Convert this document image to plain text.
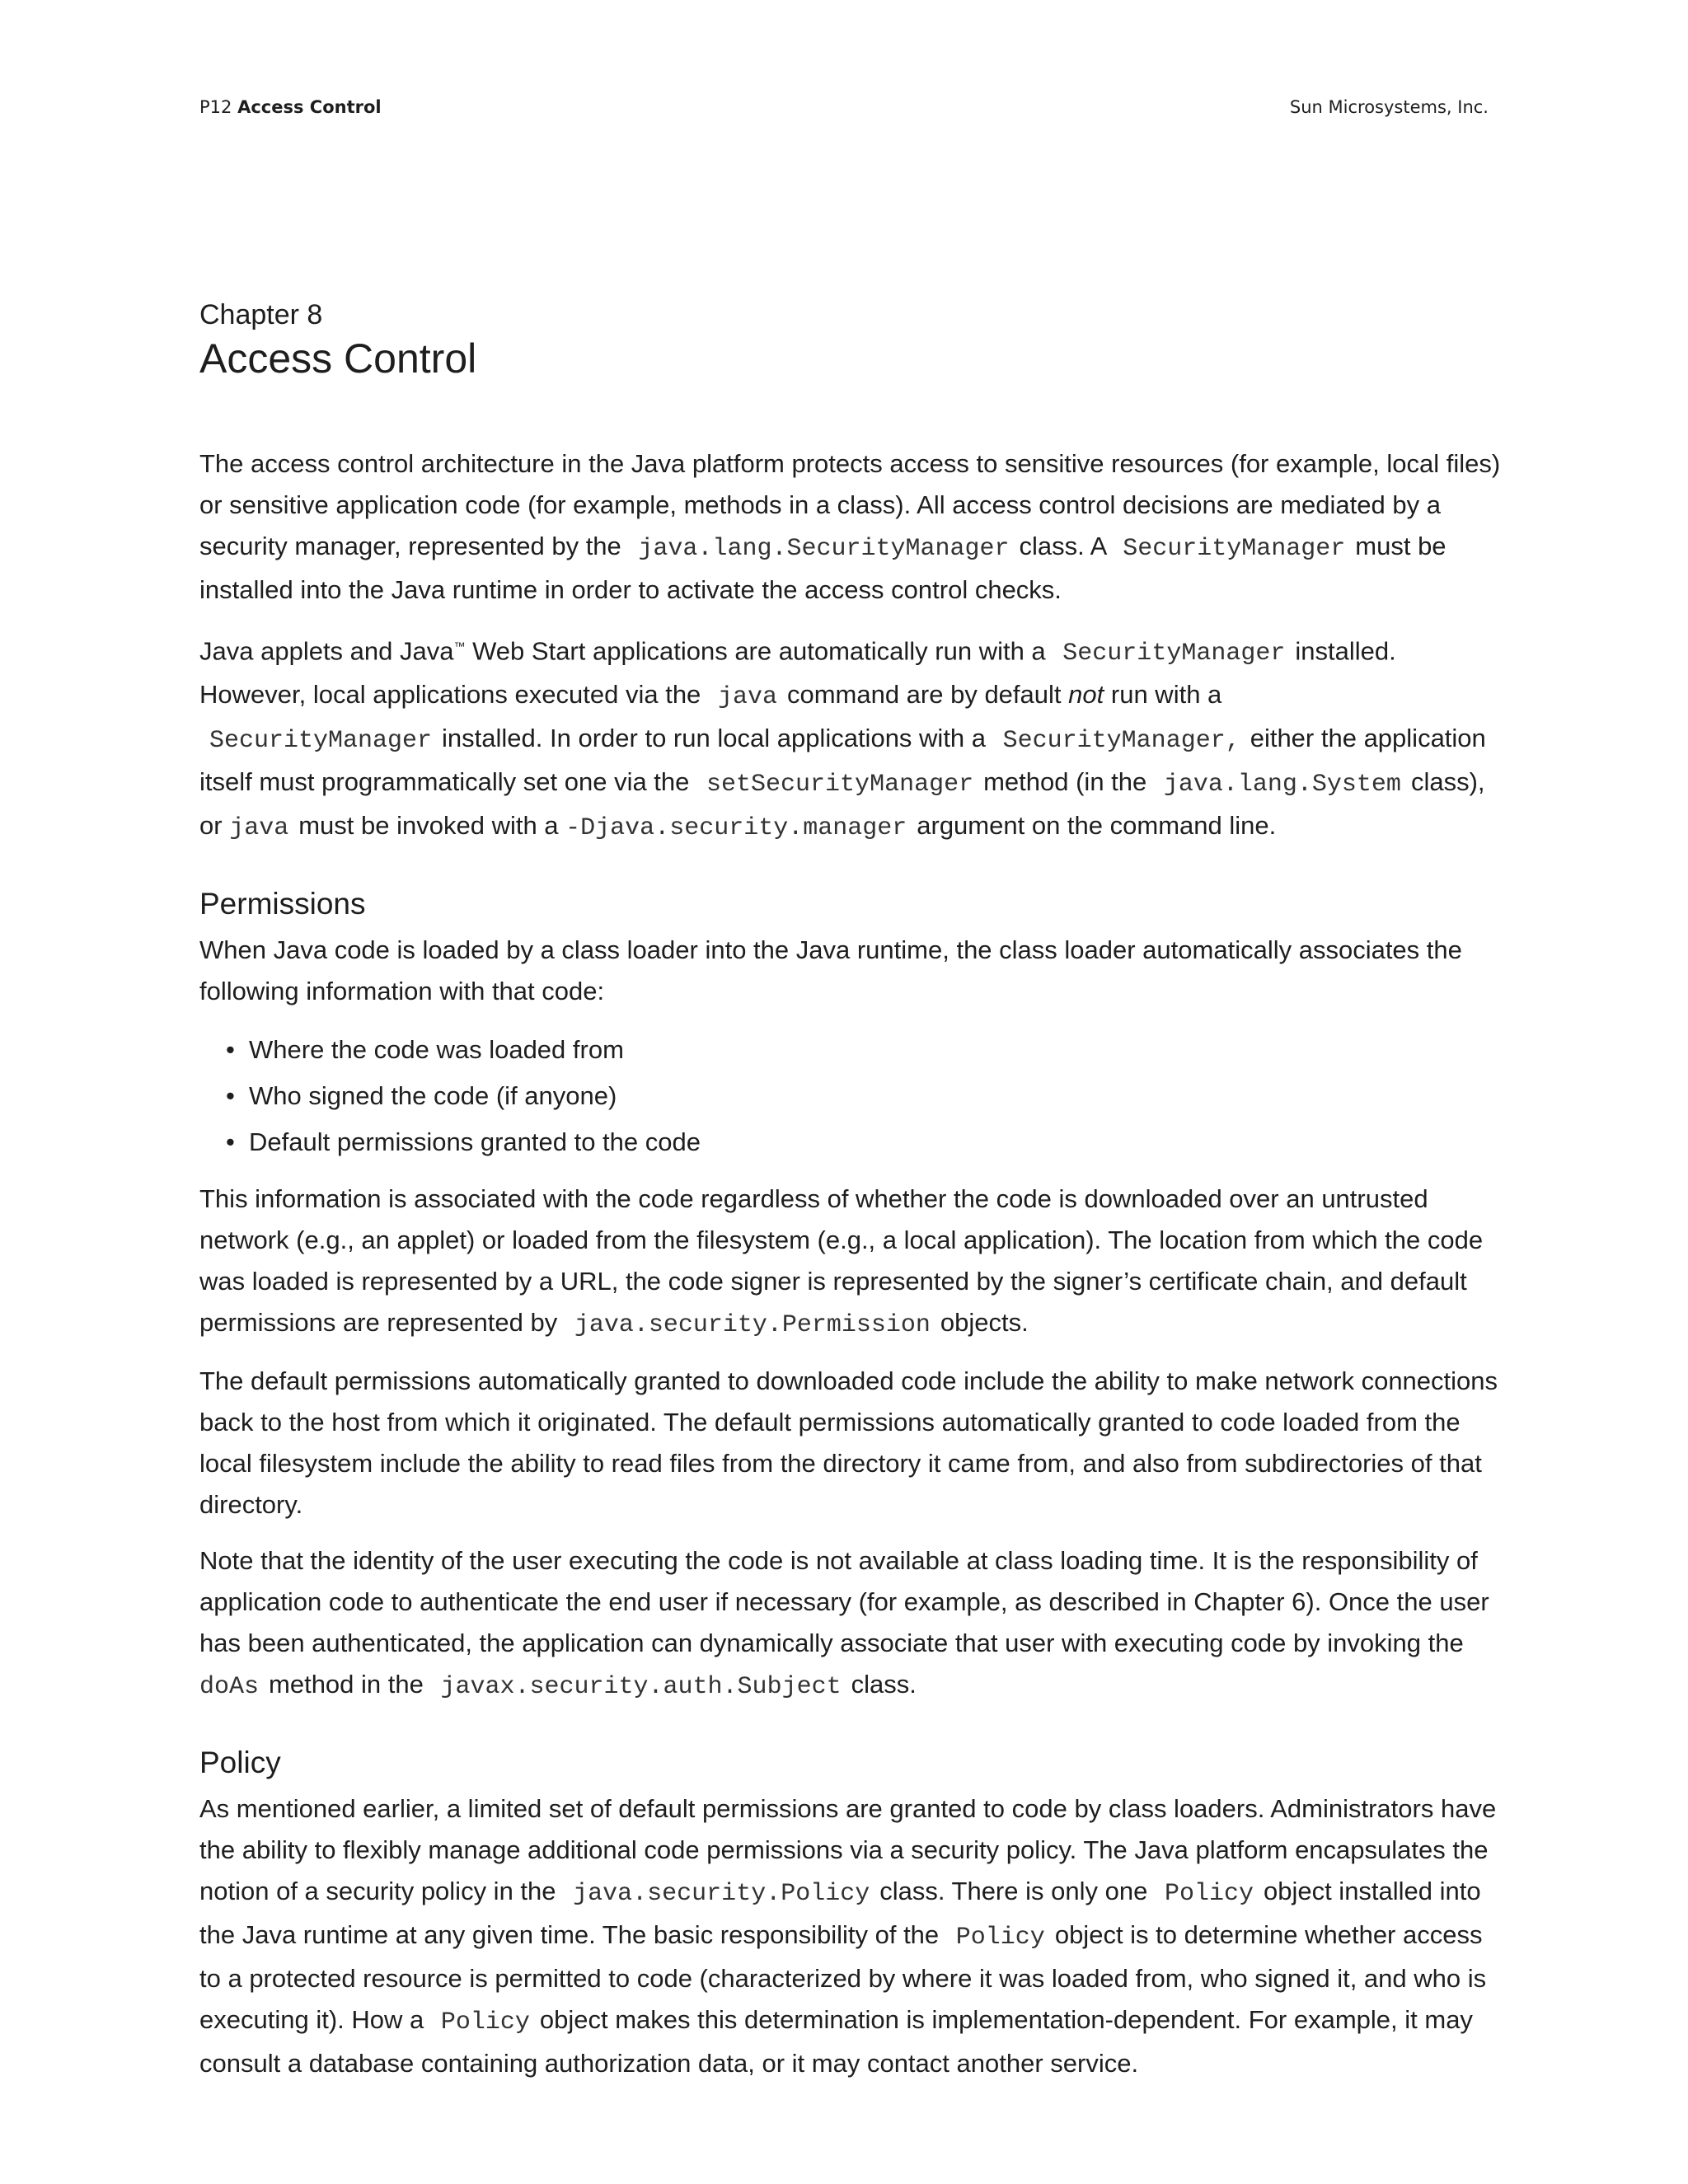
P12 Access Control	Sun Microsystems, Inc.
Chapter 8
Access Control

The access control architecture in the Java platform protects access to sensitive resources (for example, local files) or sensitive application code (for example, methods in a class). All access control decisions are mediated by a security manager, represented by the java.lang.SecurityManager class. A SecurityManager must be installed into the Java runtime in order to activate the access control checks.

Java applets and Java™ Web Start applications are automatically run with a SecurityManager installed. However, local applications executed via the java command are by default not run with a SecurityManager installed. In order to run local applications with a SecurityManager, either the application itself must programmatically set one via the setSecurityManager method (in the java.lang.System class), or java must be invoked with a -Djava.security.manager argument on the command line.

Permissions

When Java code is loaded by a class loader into the Java runtime, the class loader automatically associates the following information with that code:

• Where the code was loaded from
• Who signed the code (if anyone)
• Default permissions granted to the code

This information is associated with the code regardless of whether the code is downloaded over an untrusted network (e.g., an applet) or loaded from the filesystem (e.g., a local application). The location from which the code was loaded is represented by a URL, the code signer is represented by the signer’s certificate chain, and default permissions are represented by java.security.Permission objects.

The default permissions automatically granted to downloaded code include the ability to make network connections back to the host from which it originated. The default permissions automatically granted to code loaded from the local filesystem include the ability to read files from the directory it came from, and also from subdirectories of that directory.

Note that the identity of the user executing the code is not available at class loading time. It is the responsibility of application code to authenticate the end user if necessary (for example, as described in Chapter 6). Once the user has been authenticated, the application can dynamically associate that user with executing code by invoking the doAs method in the javax.security.auth.Subject class.

Policy

As mentioned earlier, a limited set of default permissions are granted to code by class loaders. Administrators have the ability to flexibly manage additional code permissions via a security policy. The Java platform encapsulates the notion of a security policy in the java.security.Policy class. There is only one Policy object installed into the Java runtime at any given time. The basic responsibility of the Policy object is to determine whether access to a protected resource is permitted to code (characterized by where it was loaded from, who signed it, and who is executing it). How a Policy object makes this determination is implementation-dependent. For example, it may consult a database containing authorization data, or it may contact another service.
